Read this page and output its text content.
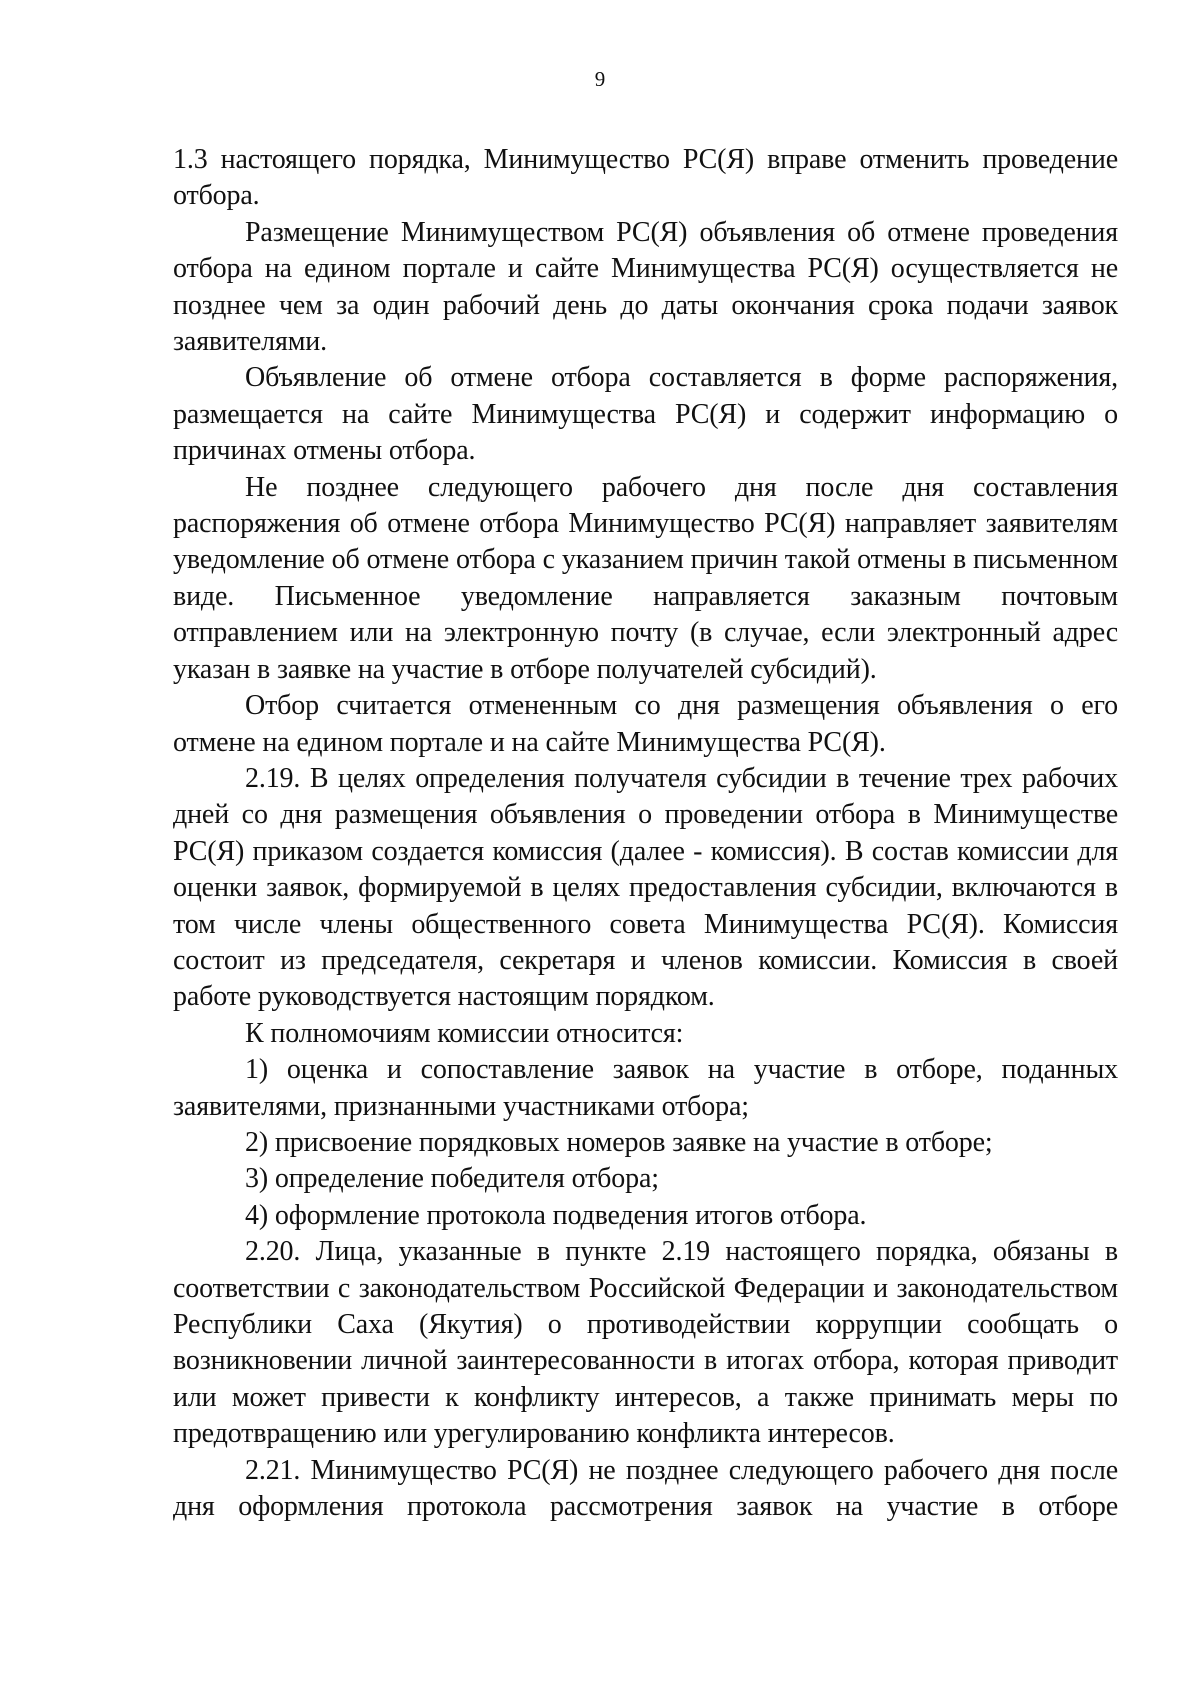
9

1.3 настоящего порядка, Минимущество РС(Я) вправе отменить проведение отбора.

Размещение Минимуществом РС(Я) объявления об отмене проведения отбора на едином портале и сайте Минимущества РС(Я) осуществляется не позднее чем за один рабочий день до даты окончания срока подачи заявок заявителями.

Объявление об отмене отбора составляется в форме распоряжения, размещается на сайте Минимущества РС(Я) и содержит информацию о причинах отмены отбора.

Не позднее следующего рабочего дня после дня составления распоряжения об отмене отбора Минимущество РС(Я) направляет заявителям уведомление об отмене отбора с указанием причин такой отмены в письменном виде. Письменное уведомление направляется заказным почтовым отправлением или на электронную почту (в случае, если электронный адрес указан в заявке на участие в отборе получателей субсидий).

Отбор считается отмененным со дня размещения объявления о его отмене на едином портале и на сайте Минимущества РС(Я).

2.19. В целях определения получателя субсидии в течение трех рабочих дней со дня размещения объявления о проведении отбора в Минимуществе РС(Я) приказом создается комиссия (далее - комиссия). В состав комиссии для оценки заявок, формируемой в целях предоставления субсидии, включаются в том числе члены общественного совета Минимущества РС(Я). Комиссия состоит из председателя, секретаря и членов комиссии. Комиссия в своей работе руководствуется настоящим порядком.

К полномочиям комиссии относится:

1) оценка и сопоставление заявок на участие в отборе, поданных заявителями, признанными участниками отбора;

2) присвоение порядковых номеров заявке на участие в отборе;

3) определение победителя отбора;

4) оформление протокола подведения итогов отбора.

2.20. Лица, указанные в пункте 2.19 настоящего порядка, обязаны в соответствии с законодательством Российской Федерации и законодательством Республики Саха (Якутия) о противодействии коррупции сообщать о возникновении личной заинтересованности в итогах отбора, которая приводит или может привести к конфликту интересов, а также принимать меры по предотвращению или урегулированию конфликта интересов.

2.21. Минимущество РС(Я) не позднее следующего рабочего дня после дня оформления протокола рассмотрения заявок на участие в отборе
